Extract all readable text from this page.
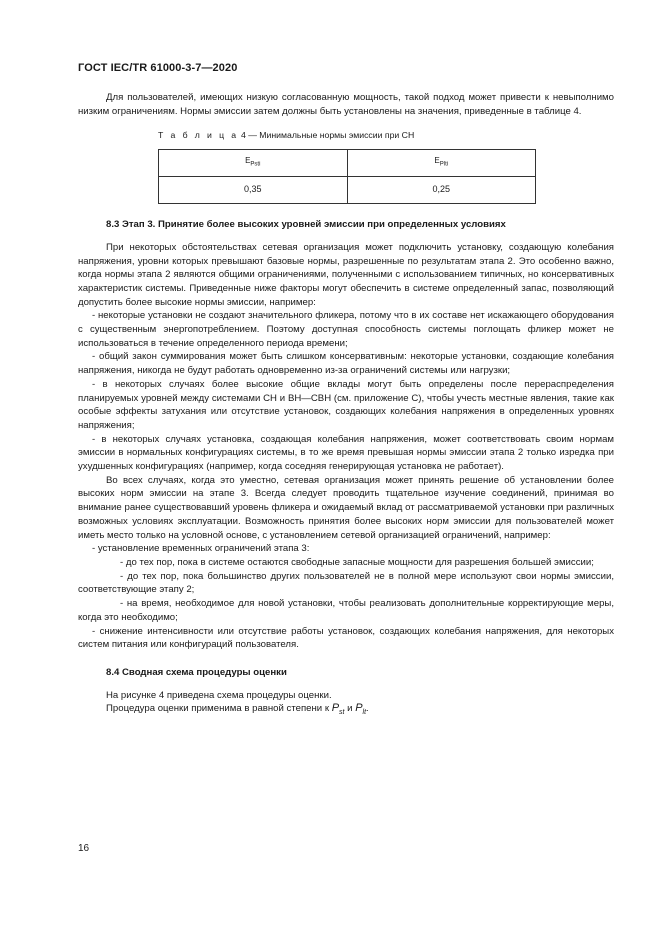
ГОСТ IEC/TR 61000-3-7—2020

Для пользователей, имеющих низкую согласованную мощность, такой подход может привести к невыполнимо низким ограничениям. Нормы эмиссии затем должны быть установлены на значения, приведенные в таблице 4.

Т а б л и ц а 4 — Минимальные нормы эмиссии при СН
$E_{Psti}$	$E_{Plti}$
0,35	0,25
8.3 Этап 3. Принятие более высоких уровней эмиссии при определенных условиях

При некоторых обстоятельствах сетевая организация может подключить установку, создающую колебания напряжения, уровни которых превышают базовые нормы, разрешенные по результатам этапа 2. Это особенно важно, когда нормы этапа 2 являются общими ограничениями, полученными с использованием типичных, но консервативных характеристик системы. Приведенные ниже факторы могут обеспечить в системе определенный запас, позволяющий допустить более высокие нормы эмиссии, например:

- некоторые установки не создают значительного фликера, потому что в их составе нет искажающего оборудования с существенным энергопотреблением. Поэтому доступная способность системы поглощать фликер может не использоваться в течение определенного периода времени;

- общий закон суммирования может быть слишком консервативным: некоторые установки, создающие колебания напряжения, никогда не будут работать одновременно из-за ограничений системы или нагрузки;

- в некоторых случаях более высокие общие вклады могут быть определены после перераспределения планируемых уровней между системами СН и ВН—СВН (см. приложение С), чтобы учесть местные явления, такие как особые эффекты затухания или отсутствие установок, создающих колебания напряжения в определенных уровнях напряжения;

- в некоторых случаях установка, создающая колебания напряжения, может соответствовать своим нормам эмиссии в нормальных конфигурациях системы, в то же время превышая нормы эмиссии этапа 2 только изредка при ухудшенных конфигурациях (например, когда соседняя генерирующая установка не работает).

Во всех случаях, когда это уместно, сетевая организация может принять решение об установлении более высоких норм эмиссии на этапе 3. Всегда следует проводить тщательное изучение соединений, принимая во внимание ранее существовавший уровень фликера и ожидаемый вклад от рассматриваемой установки при различных возможных условиях эксплуатации. Возможность принятия более высоких норм эмиссии для пользователей может иметь место только на условной основе, с установлением сетевой организацией ограничений, например:

- установление временных ограничений этапа 3:

- до тех пор, пока в системе остаются свободные запасные мощности для разрешения большей эмиссии;

- до тех пор, пока большинство других пользователей не в полной мере используют свои нормы эмиссии, соответствующие этапу 2;

- на время, необходимое для новой установки, чтобы реализовать дополнительные корректирующие меры, когда это необходимо;

- снижение интенсивности или отсутствие работы установок, создающих колебания напряжения, для некоторых систем питания или конфигураций пользователя.

8.4 Сводная схема процедуры оценки

На рисунке 4 приведена схема процедуры оценки.

Процедура оценки применима в равной степени к $P_{st}$ и $P_{lt}$.

16
